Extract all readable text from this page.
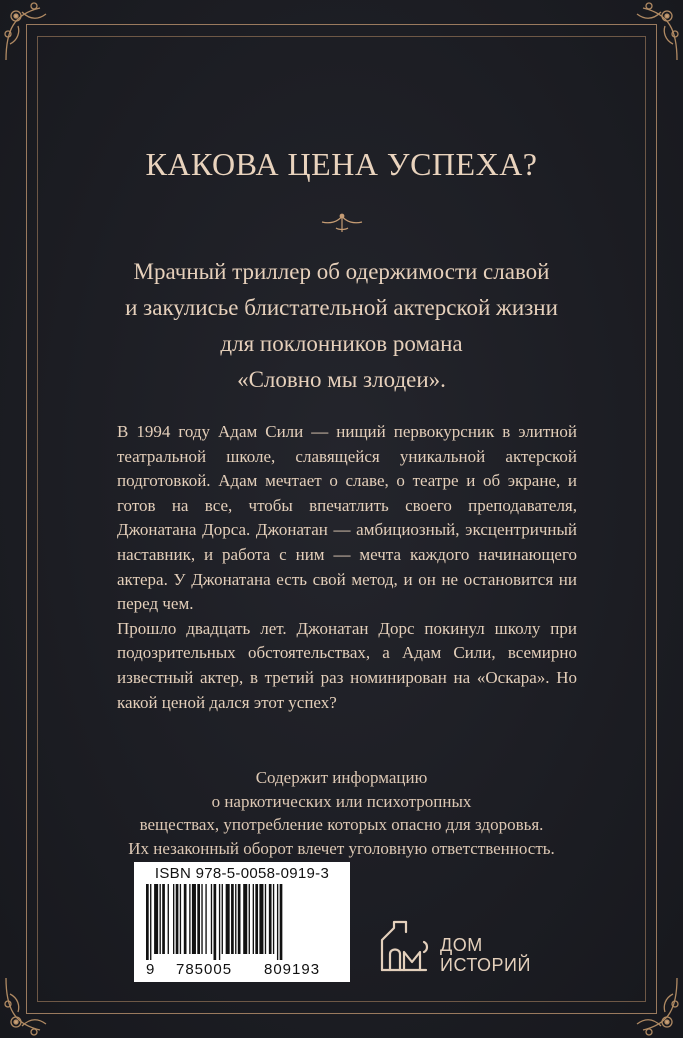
КАКОВА ЦЕНА УСПЕХА?
Мрачный триллер об одержимости славой
и закулисье блистательной актерской жизни
для поклонников романа
«Словно мы злодеи».

В 1994 году Адам Сили — нищий первокурсник в элитной театральной школе, славящейся уникальной актерской подготовкой. Адам мечтает о славе, о театре и об экране, и готов на все, чтобы впечатлить своего преподавателя, Джонатана Дорса. Джонатан — амбициозный, эксцентричный наставник, и работа с ним — мечта каждого начинающего актера. У Джонатана есть свой метод, и он не остановится ни перед чем.

Прошло двадцать лет. Джонатан Дорс покинул школу при подозрительных обстоятельствах, а Адам Сили, всемирно известный актер, в третий раз номинирован на «Оскара». Но какой ценой дался этот успех?

Содержит информацию
о наркотических или психотропных
веществах, употребление которых опасно для здоровья.
Их незаконный оборот влечет уголовную ответственность.
ISBN 978-5-0058-0919-3
9 785005 809193
ДОМ
ИСТОРИЙ
